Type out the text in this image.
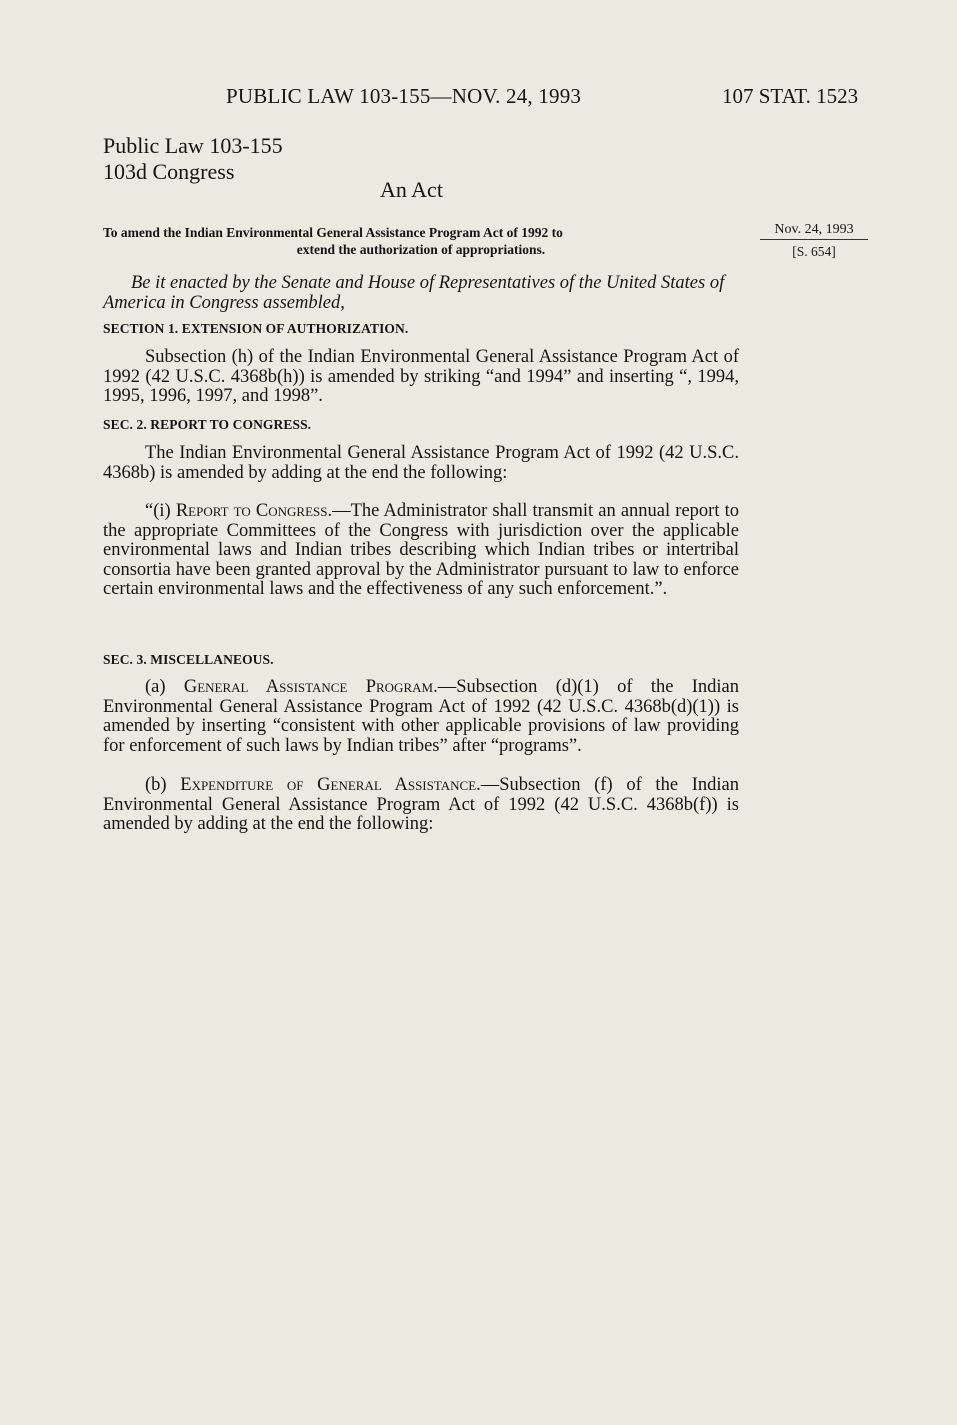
PUBLIC LAW 103-155—NOV. 24, 1993	107 STAT. 1523
Public Law 103-155
103d Congress
An Act
To amend the Indian Environmental General Assistance Program Act of 1992 to
extend the authorization of appropriations.
Nov. 24, 1993
[S. 654]
Be it enacted by the Senate and House of Representatives of the United States of America in Congress assembled,
SECTION 1. EXTENSION OF AUTHORIZATION.
Subsection (h) of the Indian Environmental General Assistance Program Act of 1992 (42 U.S.C. 4368b(h)) is amended by striking “and 1994” and inserting “, 1994, 1995, 1996, 1997, and 1998”.
SEC. 2. REPORT TO CONGRESS.
The Indian Environmental General Assistance Program Act of 1992 (42 U.S.C. 4368b) is amended by adding at the end the following:
“(i) Report to Congress.—The Administrator shall transmit an annual report to the appropriate Committees of the Congress with jurisdiction over the applicable environmental laws and Indian tribes describing which Indian tribes or intertribal consortia have been granted approval by the Administrator pursuant to law to enforce certain environmental laws and the effectiveness of any such enforcement.”.
SEC. 3. MISCELLANEOUS.
(a) General Assistance Program.—Subsection (d)(1) of the Indian Environmental General Assistance Program Act of 1992 (42 U.S.C. 4368b(d)(1)) is amended by inserting “consistent with other applicable provisions of law providing for enforcement of such laws by Indian tribes” after “programs”.
(b) Expenditure of General Assistance.—Subsection (f) of the Indian Environmental General Assistance Program Act of 1992 (42 U.S.C. 4368b(f)) is amended by adding at the end the following:
